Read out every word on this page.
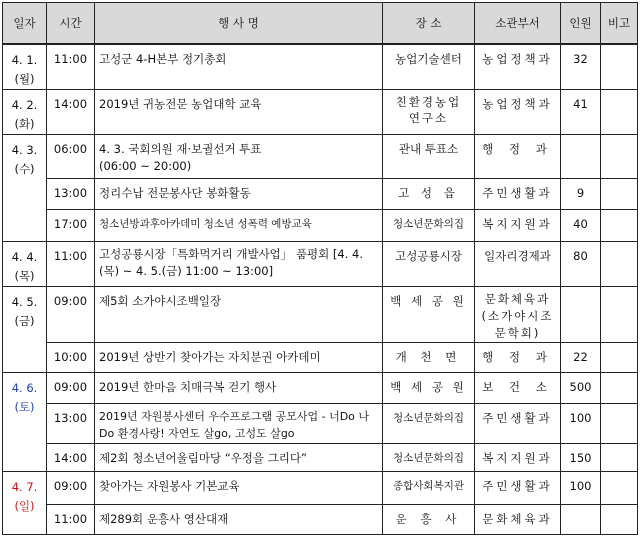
일자	시간	행 사 명	장 소	소관부서	인원	비고

4. 1.
(월)	11:00	고성군 4-H본부 정기총회	농업기술센터	농업정책과	32	

4. 2.
(화)	14:00	2019년 귀농전문 농업대학 교육	친환경농업 연구소	농업정책과	41	

4. 3.
(수)	06:00	4. 3. 국회의원 재·보궐선거 투표 (06:00 ~ 20:00)	관내 투표소	행 정 과		
	13:00	정리수납 전문봉사단 봉화활동	고 성 읍	주민생활과	9	
	17:00	청소년방과후아카데미 청소년 성폭력 예방교육	청소년문화의집	복지지원과	40	

4. 4.
(목)	11:00	고성공룡시장「특화먹거리 개발사업」 품평회 [4. 4.(목) ~ 4. 5.(금) 11:00 ~ 13:00]	고성공룡시장	일자리경제과	80	

4. 5.
(금)	09:00	제5회 소가야시조백일장	백 세 공 원	문화체육과 (소가야시조 문학회)		
	10:00	2019년 상반기 찾아가는 자치분권 아카데미	개 천 면	행 정 과	22	

4. 6.
(토)	09:00	2019년 한마음 치매극복 걷기 행사	백 세 공 원	보 건 소	500	
	13:00	2019년 자원봉사센터 우수프로그램 공모사업 - 너Do 나Do 환경사랑! 자연도 살go, 고성도 살go	청소년문화의집	주민생활과	100	
	14:00	제2회 청소년어울림마당 “우정을 그리다”	청소년문화의집	복지지원과	150	

4. 7.
(일)	09:00	찾아가는 자원봉사 기본교육	종합사회복지관	주민생활과	100	
	11:00	제289회 운흥사 영산대재	운 흥 사	문화체육과		
